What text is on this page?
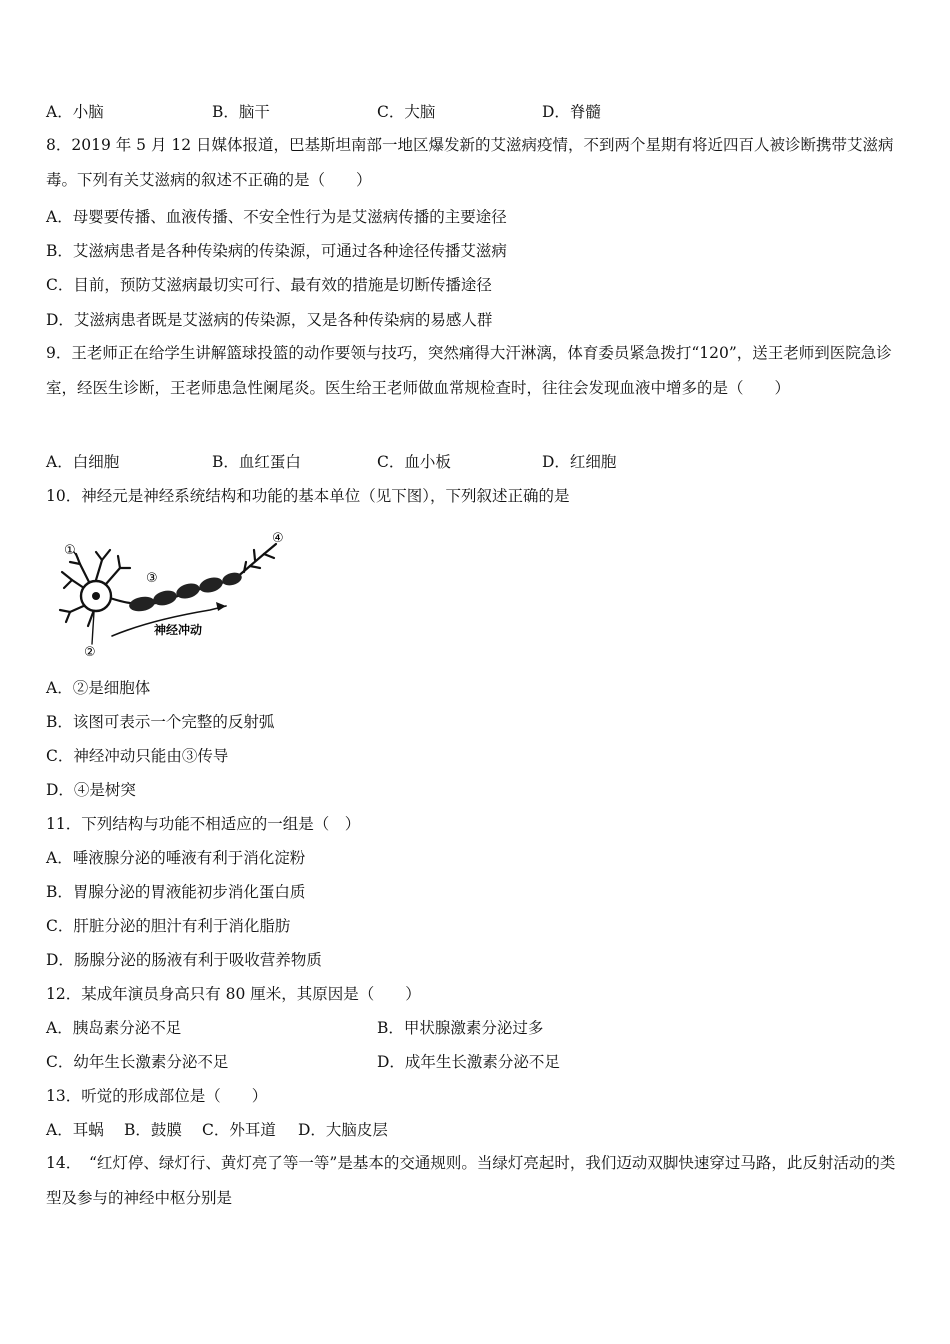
A．小脑	B．脑干	C．大脑	D．脊髓
8．2019 年 5 月 12 日媒体报道，巴基斯坦南部一地区爆发新的艾滋病疫情，不到两个星期有将近四百人被诊断携带艾滋病毒。下列有关艾滋病的叙述不正确的是（　　）
A．母婴要传播、血液传播、不安全性行为是艾滋病传播的主要途径
B．艾滋病患者是各种传染病的传染源，可通过各种途径传播艾滋病
C．目前，预防艾滋病最切实可行、最有效的措施是切断传播途径
D．艾滋病患者既是艾滋病的传染源，又是各种传染病的易感人群
9．王老师正在给学生讲解篮球投篮的动作要领与技巧，突然痛得大汗淋漓，体育委员紧急拨打“120”，送王老师到医院急诊室，经医生诊断，王老师患急性阑尾炎。医生给王老师做血常规检查时，往往会发现血液中增多的是（　　）
A．白细胞	B．血红蛋白	C．血小板	D．红细胞
10．神经元是神经系统结构和功能的基本单位（见下图），下列叙述正确的是
①
②
③
④
神经冲动
A．②是细胞体
B．该图可表示一个完整的反射弧
C．神经冲动只能由③传导
D．④是树突
11．下列结构与功能不相适应的一组是（　）
A．唾液腺分泌的唾液有利于消化淀粉
B．胃腺分泌的胃液能初步消化蛋白质
C．肝脏分泌的胆汁有利于消化脂肪
D．肠腺分泌的肠液有利于吸收营养物质
12．某成年演员身高只有 80 厘米，其原因是（　　）
A．胰岛素分泌不足	B．甲状腺激素分泌过多
C．幼年生长激素分泌不足	D．成年生长激素分泌不足
13．听觉的形成部位是（　　）
A．耳蜗 B．鼓膜 C．外耳道 D．大脑皮层
14．　“红灯停、绿灯行、黄灯亮了等一等”是基本的交通规则。当绿灯亮起时，我们迈动双脚快速穿过马路，此反射活动的类型及参与的神经中枢分别是
